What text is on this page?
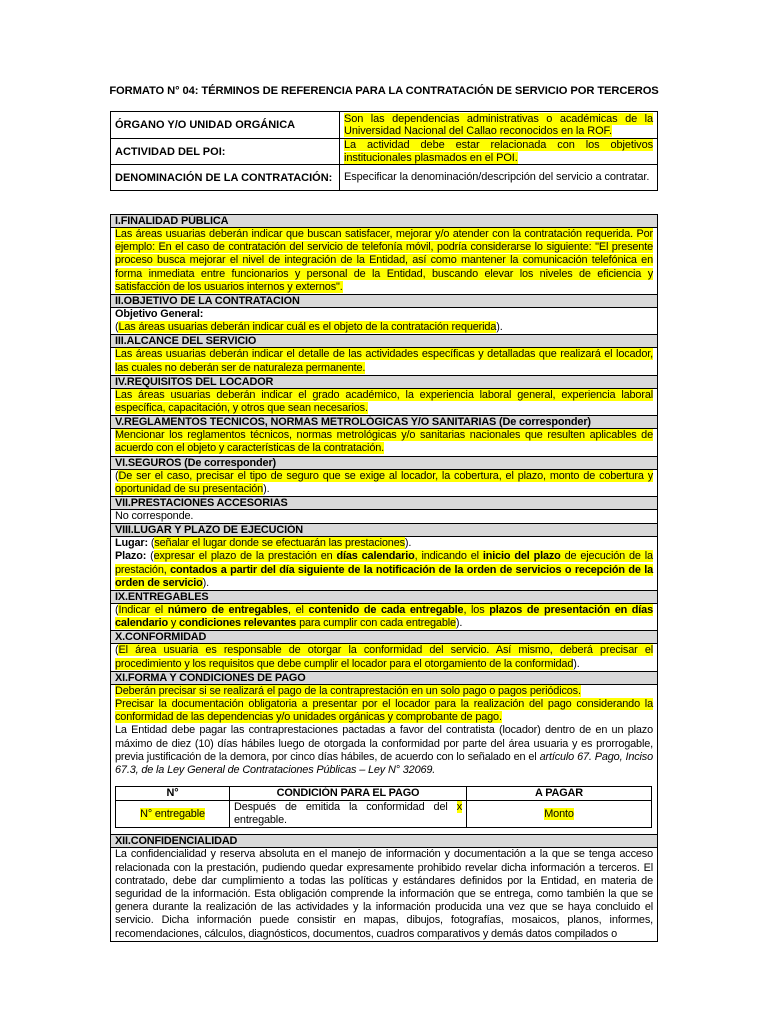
FORMATO N° 04: TÉRMINOS DE REFERENCIA PARA LA CONTRATACIÓN DE SERVICIO POR TERCEROS
ÓRGANO Y/O UNIDAD ORGÁNICA	Son las dependencias administrativas o académicas de la Universidad Nacional del Callao reconocidos en la ROF.
ACTIVIDAD DEL POI:	La actividad debe estar relacionada con los objetivos institucionales plasmados en el POI.
DENOMINACIÓN DE LA CONTRATACIÓN:	Especificar la denominación/descripción del servicio a contratar.
I.FINALIDAD PÚBLICA
Las áreas usuarias deberán indicar que buscan satisfacer, mejorar y/o atender con la contratación requerida. Por ejemplo: En el caso de contratación del servicio de telefonía móvil, podría considerarse lo siguiente: "El presente proceso busca mejorar el nivel de integración de la Entidad, así como mantener la comunicación telefónica en forma inmediata entre funcionarios y personal de la Entidad, buscando elevar los niveles de eficiencia y satisfacción de los usuarios internos y externos".
II.OBJETIVO DE LA CONTRATACION

Objetivo General:

(Las áreas usuarias deberán indicar cuál es el objeto de la contratación requerida).

III.ALCANCE DEL SERVICIO
Las áreas usuarias deberán indicar el detalle de las actividades específicas y detalladas que realizará el locador, las cuales no deberán ser de naturaleza permanente.
IV.REQUISITOS DEL LOCADOR
Las áreas usuarias deberán indicar el grado académico, la experiencia laboral general, experiencia laboral específica, capacitación, y otros que sean necesarios.
V.REGLAMENTOS TECNICOS, NORMAS METROLÓGICAS Y/O SANITARIAS (De corresponder)
Mencionar los reglamentos técnicos, normas metrológicas y/o sanitarias nacionales que resulten aplicables de acuerdo con el objeto y características de la contratación.
VI.SEGUROS (De corresponder)
(De ser el caso, precisar el tipo de seguro que se exige al locador, la cobertura, el plazo, monto de cobertura y oportunidad de su presentación).
VII.PRESTACIONES ACCESORIAS
No corresponde.
VIII.LUGAR Y PLAZO DE EJECUCIÓN

Lugar: (señalar el lugar donde se efectuarán las prestaciones).

Plazo: (expresar el plazo de la prestación en días calendario, indicando el inicio del plazo de ejecución de la prestación, contados a partir del día siguiente de la notificación de la orden de servicios o recepción de la orden de servicio).

IX.ENTREGABLES
(Indicar el número de entregables, el contenido de cada entregable, los plazos de presentación en días calendario y condiciones relevantes para cumplir con cada entregable).
X.CONFORMIDAD
(El área usuaria es responsable de otorgar la conformidad del servicio. Así mismo, deberá precisar el procedimiento y los requisitos que debe cumplir el locador para el otorgamiento de la conformidad).
XI.FORMA Y CONDICIONES DE PAGO

Deberán precisar si se realizará el pago de la contraprestación en un solo pago o pagos periódicos.

Precisar la documentación obligatoria a presentar por el locador para la realización del pago considerando la conformidad de las dependencias y/o unidades orgánicas y comprobante de pago.

La Entidad debe pagar las contraprestaciones pactadas a favor del contratista (locador) dentro de en un plazo máximo de diez (10) días hábiles luego de otorgada la conformidad por parte del área usuaria y es prorrogable, previa justificación de la demora, por cinco días hábiles, de acuerdo con lo señalado en el artículo 67. Pago, Inciso 67.3, de la Ley General de Contrataciones Públicas – Ley N° 32069.

N°	CONDICIÓN PARA EL PAGO	A PAGAR
N° entregable	Después de emitida la conformidad del x entregable.	Monto

XII.CONFIDENCIALIDAD
La confidencialidad y reserva absoluta en el manejo de información y documentación a la que se tenga acceso relacionada con la prestación, pudiendo quedar expresamente prohibido revelar dicha información a terceros. El contratado, debe dar cumplimiento a todas las políticas y estándares definidos por la Entidad, en materia de seguridad de la información. Esta obligación comprende la información que se entrega, como también la que se genera durante la realización de las actividades y la información producida una vez que se haya concluido el servicio. Dicha información puede consistir en mapas, dibujos, fotografías, mosaicos, planos, informes, recomendaciones, cálculos, diagnósticos, documentos, cuadros comparativos y demás datos compilados o
